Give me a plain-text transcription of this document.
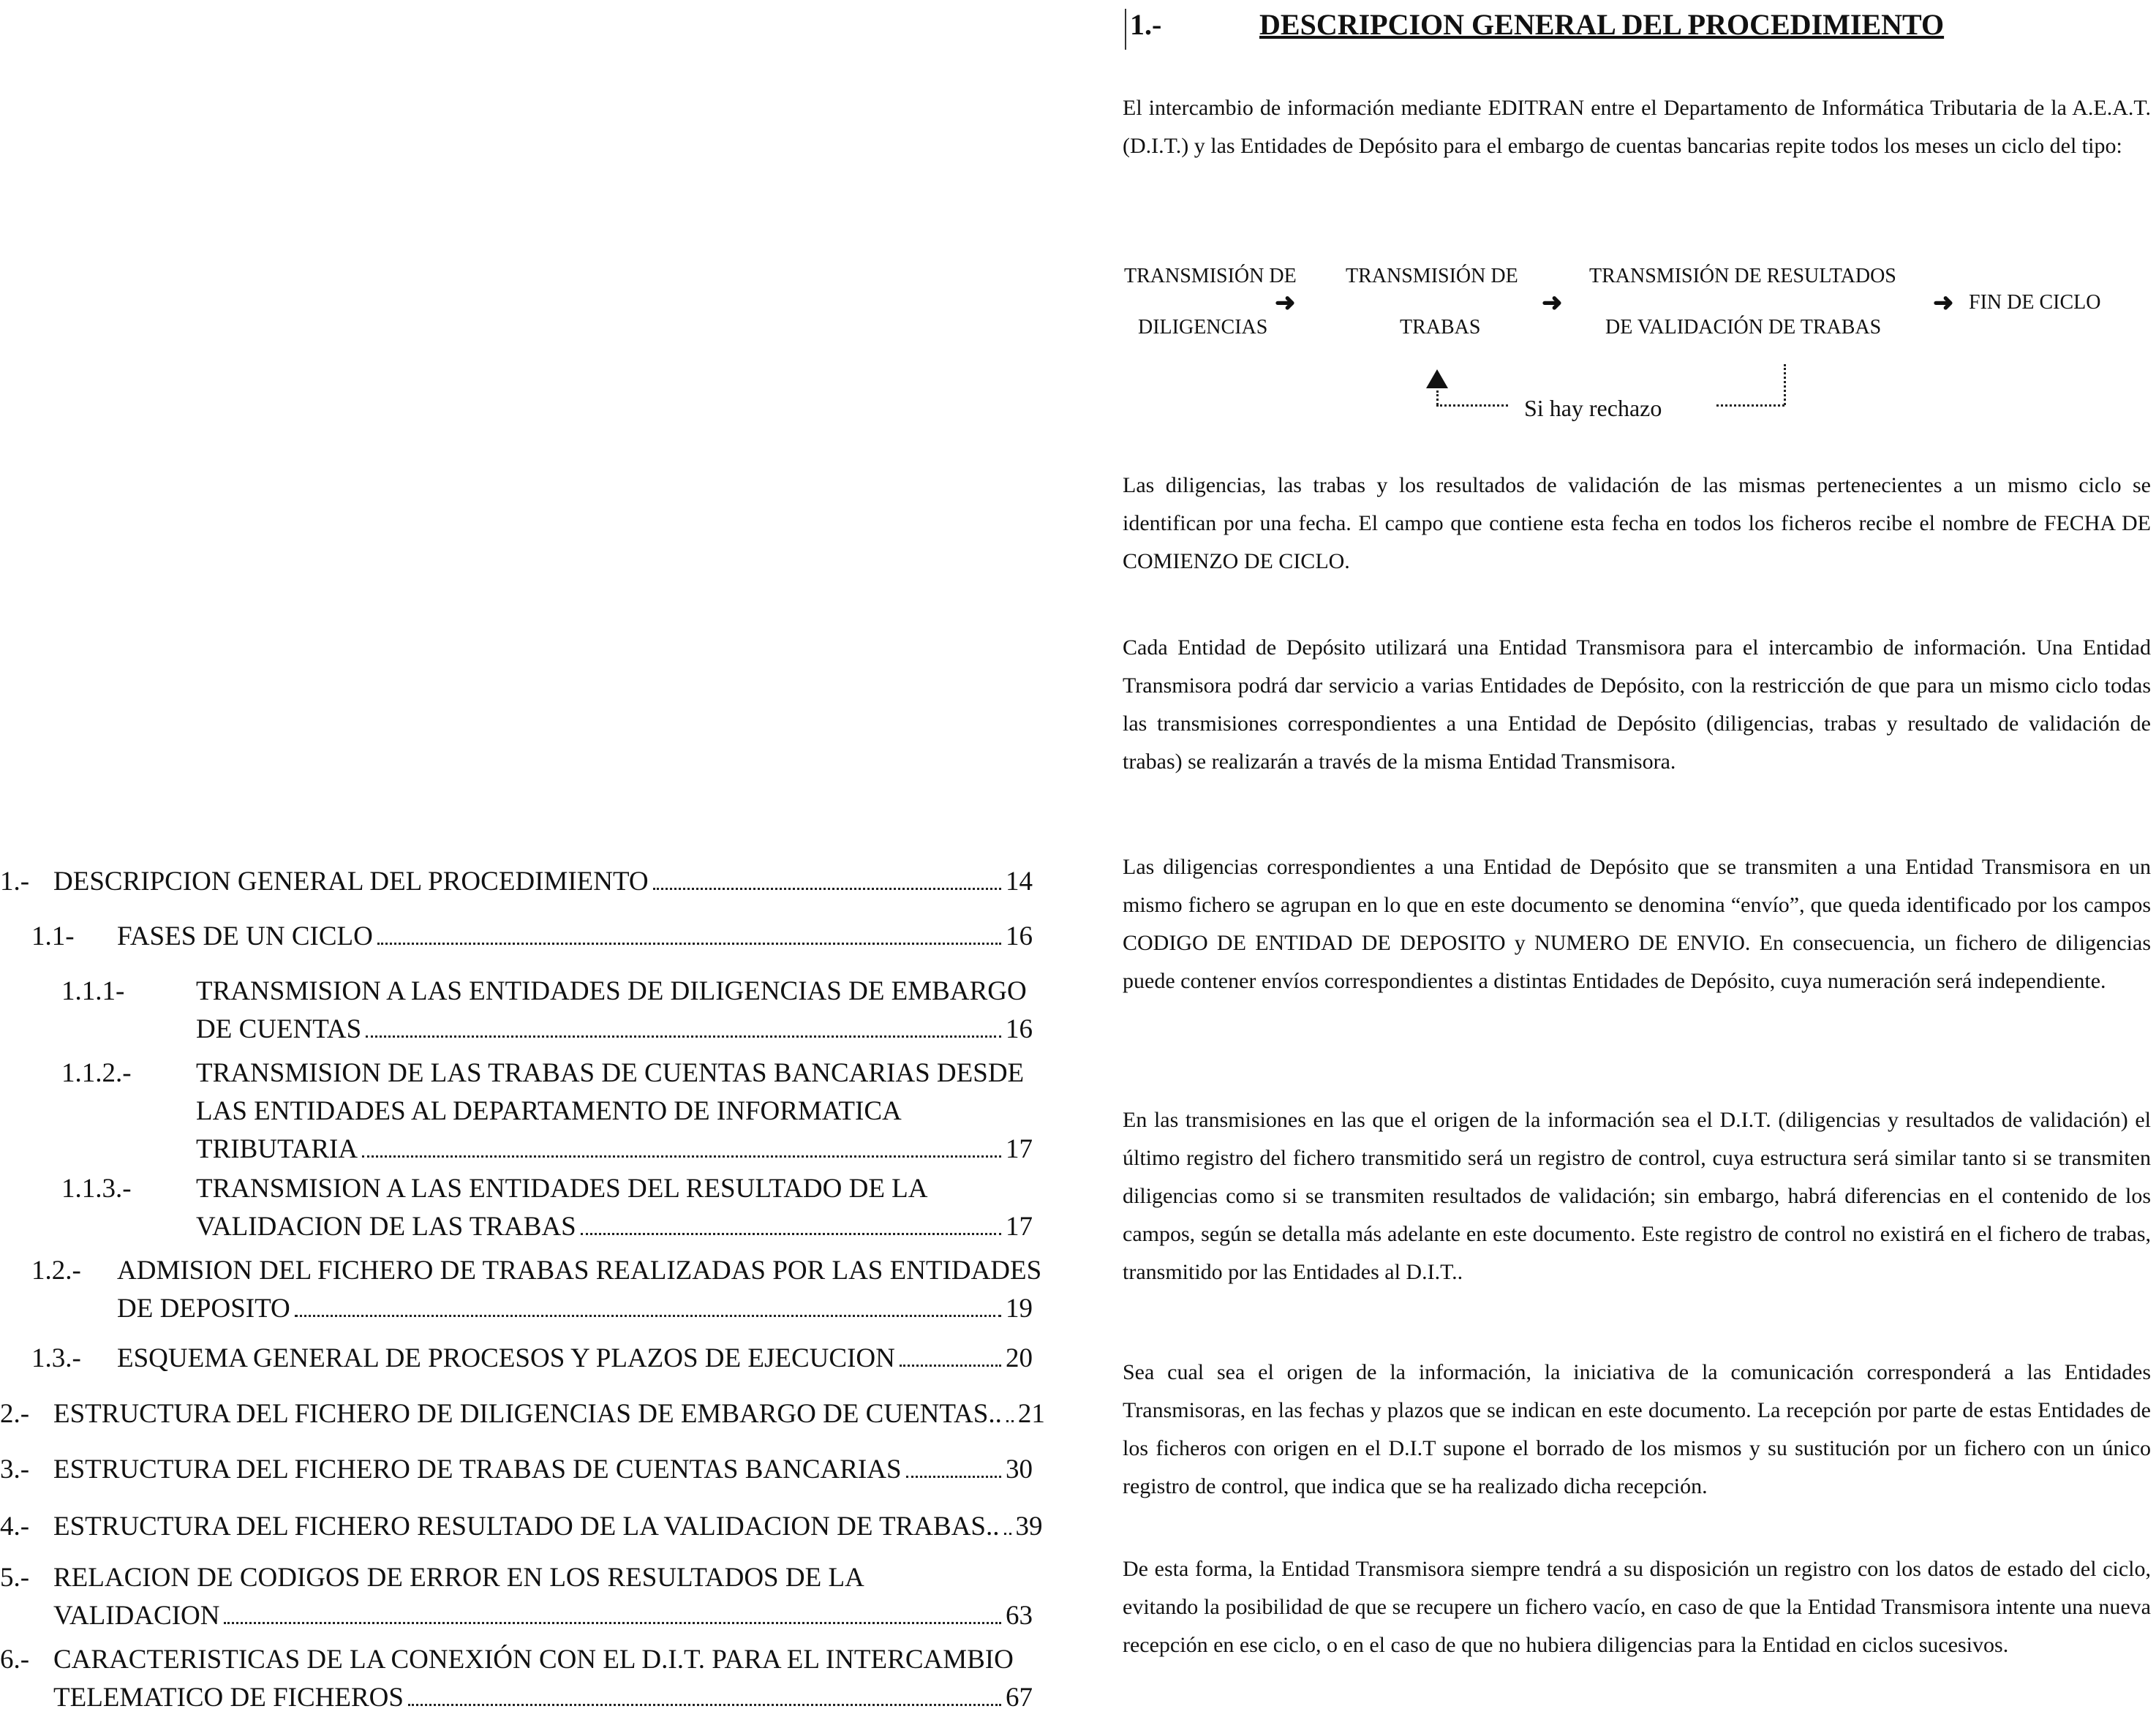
1.- DESCRIPCION GENERAL DEL PROCEDIMIENTO	14
1.1- FASES DE UN CICLO	16
1.1.1-	TRANSMISION A LAS ENTIDADES DE DILIGENCIAS DE EMBARGO
DE CUENTAS	16
1.1.2.- TRANSMISION DE LAS TRABAS DE CUENTAS BANCARIAS DESDE
LAS ENTIDADES AL DEPARTAMENTO DE INFORMATICA
TRIBUTARIA	17
1.1.3.- TRANSMISION A LAS ENTIDADES DEL RESULTADO DE LA
VALIDACION DE LAS TRABAS	17
1.2.- ADMISION DEL FICHERO DE TRABAS REALIZADAS POR LAS ENTIDADES
DE DEPOSITO	19
1.3.- ESQUEMA GENERAL DE PROCESOS Y PLAZOS DE EJECUCION	20
2.- ESTRUCTURA DEL FICHERO DE DILIGENCIAS DE EMBARGO DE CUENTAS.. 21
3.- ESTRUCTURA DEL FICHERO DE TRABAS DE CUENTAS BANCARIAS	30
4.- ESTRUCTURA DEL FICHERO RESULTADO DE LA VALIDACION DE TRABAS.. 39
5.- RELACION DE CODIGOS DE ERROR EN LOS RESULTADOS DE LA
VALIDACION	63
6.- CARACTERISTICAS DE LA CONEXIÓN CON EL D.I.T. PARA EL INTERCAMBIO
TELEMATICO DE FICHEROS	67
1.-	DESCRIPCION GENERAL DEL PROCEDIMIENTO
El intercambio de información mediante EDITRAN entre el Departamento de Informática Tributaria de la A.E.A.T. (D.I.T.) y las Entidades de Depósito para el embargo de cuentas bancarias repite todos los meses un ciclo del tipo:
TRANSMISIÓN DE
DILIGENCIAS
➜
TRANSMISIÓN DE
TRABAS
➜
TRANSMISIÓN DE RESULTADOS
DE VALIDACIÓN DE TRABAS
➜ FIN DE CICLO
Si hay rechazo
Las diligencias, las trabas y los resultados de validación de las mismas pertenecientes a un mismo ciclo se identifican por una fecha. El campo que contiene esta fecha en todos los ficheros recibe el nombre de FECHA DE COMIENZO DE CICLO.
Cada Entidad de Depósito utilizará una Entidad Transmisora para el intercambio de información. Una Entidad Transmisora podrá dar servicio a varias Entidades de Depósito, con la restricción de que para un mismo ciclo todas las transmisiones correspondientes a una Entidad de Depósito (diligencias, trabas y resultado de validación de trabas) se realizarán a través de la misma Entidad Transmisora.
Las diligencias correspondientes a una Entidad de Depósito que se transmiten a una Entidad Transmisora en un mismo fichero se agrupan en lo que en este documento se denomina “envío”, que queda identificado por los campos CODIGO DE ENTIDAD DE DEPOSITO y NUMERO DE ENVIO. En consecuencia, un fichero de diligencias puede contener envíos correspondientes a distintas Entidades de Depósito, cuya numeración será independiente.
En las transmisiones en las que el origen de la información sea el D.I.T. (diligencias y resultados de validación) el último registro del fichero transmitido será un registro de control, cuya estructura será similar tanto si se transmiten diligencias como si se transmiten resultados de validación; sin embargo, habrá diferencias en el contenido de los campos, según se detalla más adelante en este documento. Este registro de control no existirá en el fichero de trabas, transmitido por las Entidades al D.I.T..
Sea cual sea el origen de la información, la iniciativa de la comunicación corresponderá a las Entidades Transmisoras, en las fechas y plazos que se indican en este documento. La recepción por parte de estas Entidades de los ficheros con origen en el D.I.T supone el borrado de los mismos y su sustitución por un fichero con un único registro de control, que indica que se ha realizado dicha recepción.
De esta forma, la Entidad Transmisora siempre tendrá a su disposición un registro con los datos de estado del ciclo, evitando la posibilidad de que se recupere un fichero vacío, en caso de que la Entidad Transmisora intente una nueva recepción en ese ciclo, o en el caso de que no hubiera diligencias para la Entidad en ciclos sucesivos.
